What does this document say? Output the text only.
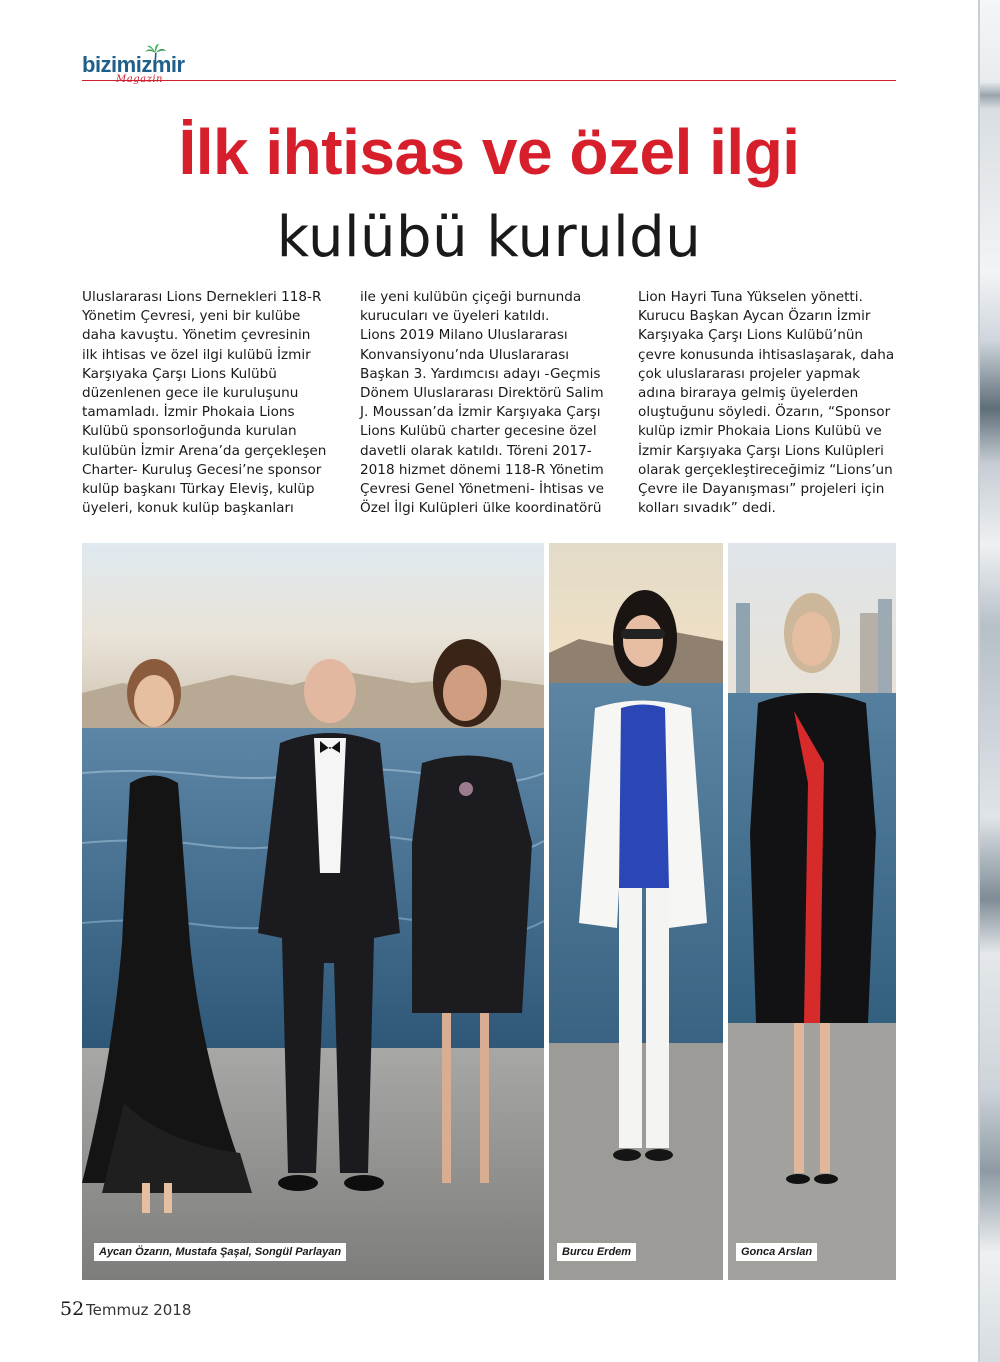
bizimizmir
İlk ihtisas ve özel ilgi
kulübü kuruldu
Uluslararası Lions Dernekleri 118-R
Yönetim Çevresi, yeni bir kulübe
daha kavuştu. Yönetim çevresinin
ilk ihtisas ve özel ilgi kulübü İzmir
Karşıyaka Çarşı Lions Kulübü
düzenlenen gece ile kuruluşunu
tamamladı. İzmir Phokaia Lions
Kulübü sponsorloğunda kurulan
kulübün İzmir Arena’da gerçekleşen
Charter- Kuruluş Gecesi’ne sponsor
kulüp başkanı Türkay Eleviş, kulüp
üyeleri, konuk kulüp başkanları
ile yeni kulübün çiçeği burnunda
kurucuları ve üyeleri katıldı.
Lions 2019 Milano Uluslararası
Konvansiyonu’nda Uluslararası
Başkan 3. Yardımcısı adayı -Geçmis
Dönem Uluslararası Direktörü Salim
J. Moussan’da İzmir Karşıyaka Çarşı
Lions Kulübü charter gecesine özel
davetli olarak katıldı. Töreni 2017-
2018 hizmet dönemi 118-R Yönetim
Çevresi Genel Yönetmeni- İhtisas ve
Özel İlgi Kulüpleri ülke koordinatörü
Lion Hayri Tuna Yükselen yönetti.
Kurucu Başkan Aycan Özarın İzmir
Karşıyaka Çarşı Lions Kulübü’nün
çevre konusunda ihtisaslaşarak, daha
çok uluslararası projeler yapmak
adına biraraya gelmiş üyelerden
oluştuğunu söyledi. Özarın, “Sponsor
kulüp izmir Phokaia Lions Kulübü ve
İzmir Karşıyaka Çarşı Lions Kulüpleri
olarak gerçekleştireceğimiz “Lions’un
Çevre ile Dayanışması” projeleri için
kolları sıvadık” dedi.
Aycan Özarın, Mustafa Şaşal, Songül Parlayan	Burcu Erdem	Gonca Arslan
52 Temmuz 2018
